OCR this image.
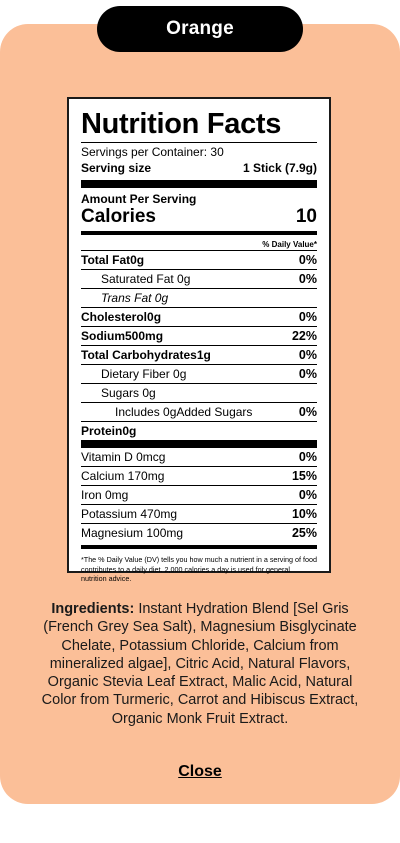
Orange
Nutrition Facts
Servings per Container: 30
Serving size	1 Stick (7.9g)
Amount Per Serving
Calories	10
% Daily Value*
Total Fat0g	0%
Saturated Fat 0g	0%
Trans Fat 0g
Cholesterol0g	0%
Sodium500mg	22%
Total Carbohydrates1g	0%
Dietary Fiber 0g	0%
Sugars 0g
Includes 0gAdded Sugars	0%
Protein0g
Vitamin D 0mcg	0%
Calcium 170mg	15%
Iron 0mg	0%
Potassium 470mg	10%
Magnesium 100mg	25%
*The % Daily Value (DV) tells you how much a nutrient in a serving of food contributes to a daily diet. 2,000 calories a day is used for general nutrition advice.
Ingredients: Instant Hydration Blend [Sel Gris (French Grey Sea Salt), Magnesium Bisglycinate Chelate, Potassium Chloride, Calcium from mineralized algae], Citric Acid, Natural Flavors, Organic Stevia Leaf Extract, Malic Acid, Natural Color from Turmeric, Carrot and Hibiscus Extract, Organic Monk Fruit Extract.
Close
